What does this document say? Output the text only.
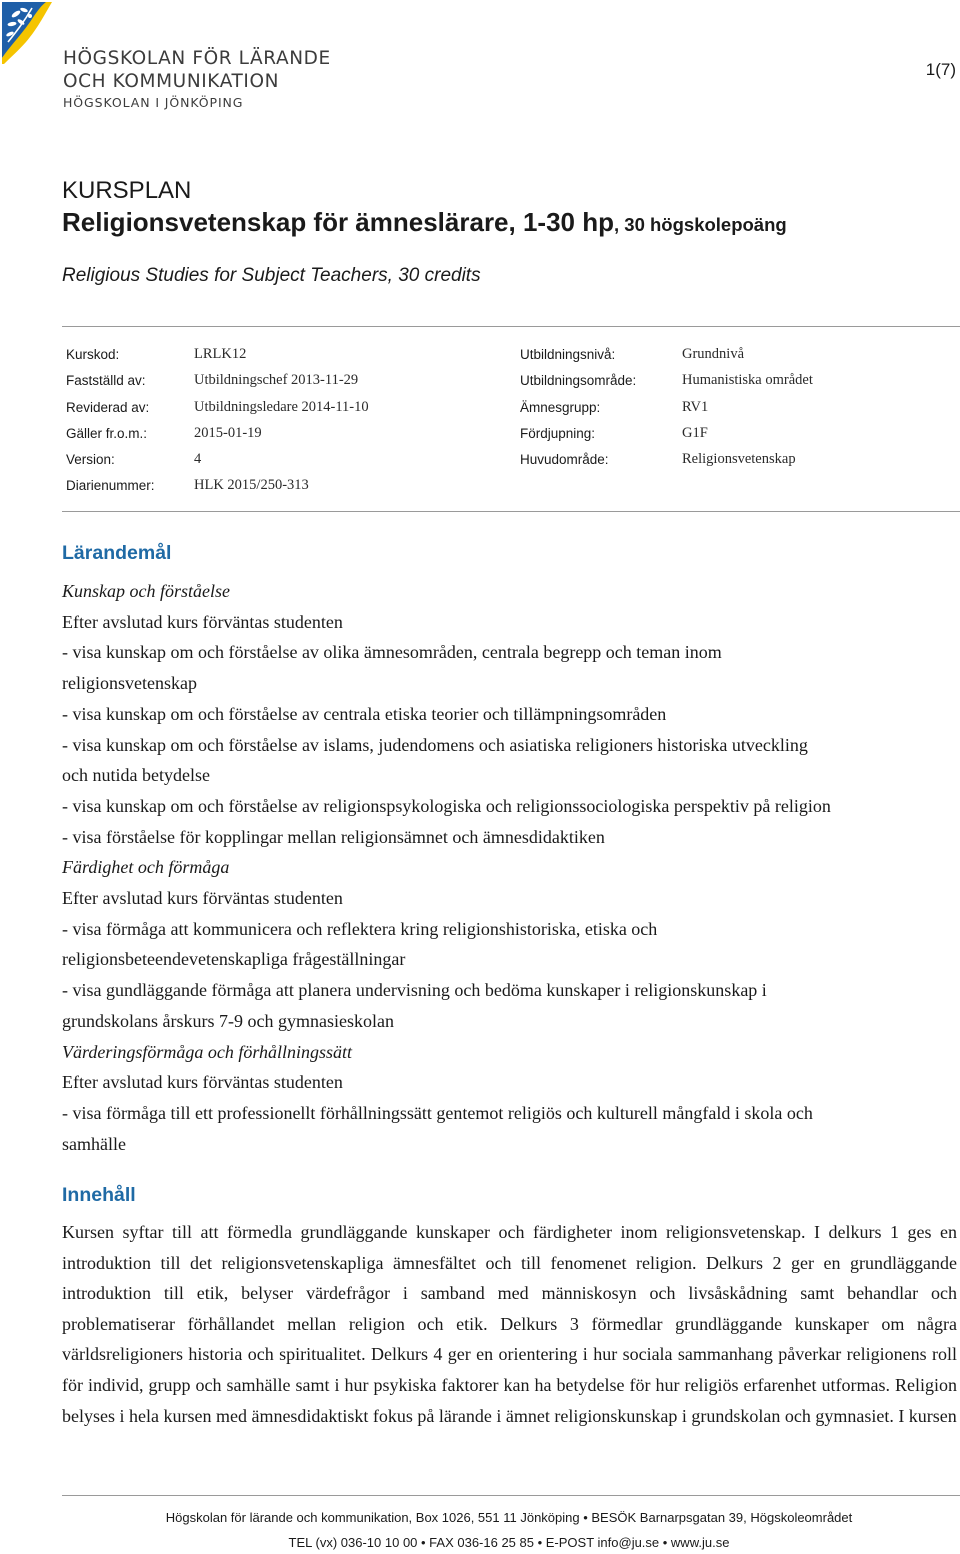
HÖGSKOLAN FÖR LÄRANDE
OCH KOMMUNIKATION
HÖGSKOLAN I JÖNKÖPING
1(7)
KURSPLAN
Religionsvetenskap för ämneslärare, 1-30 hp, 30 högskolepoäng
Religious Studies for Subject Teachers, 30 credits
Kurskod:	LRLK12
Fastställd av:	Utbildningschef 2013-11-29
Reviderad av:	Utbildningsledare 2014-11-10
Gäller fr.o.m.:	2015-01-19
Version:	4
Diarienummer:	HLK 2015/250-313
Utbildningsnivå:	Grundnivå
Utbildningsområde:	Humanistiska området
Ämnesgrupp:	RV1
Fördjupning:	G1F
Huvudområde:	Religionsvetenskap
Lärandemål
Kunskap och förståelse
Efter avslutad kurs förväntas studenten
- visa kunskap om och förståelse av olika ämnesområden, centrala begrepp och teman inom
religionsvetenskap
- visa kunskap om och förståelse av centrala etiska teorier och tillämpningsområden
- visa kunskap om och förståelse av islams, judendomens och asiatiska religioners historiska utveckling
och nutida betydelse
- visa kunskap om och förståelse av religionspsykologiska och religionssociologiska perspektiv på religion
- visa förståelse för kopplingar mellan religionsämnet och ämnesdidaktiken
Färdighet och förmåga
Efter avslutad kurs förväntas studenten
- visa förmåga att kommunicera och reflektera kring religionshistoriska, etiska och
religionsbeteendevetenskapliga frågeställningar
- visa gundläggande förmåga att planera undervisning och bedöma kunskaper i religionskunskap i
grundskolans årskurs 7-9 och gymnasieskolan
Värderingsförmåga och förhållningssätt
Efter avslutad kurs förväntas studenten
- visa förmåga till ett professionellt förhållningssätt gentemot religiös och kulturell mångfald i skola och
samhälle
Innehåll
Kursen syftar till att förmedla grundläggande kunskaper och färdigheter inom religionsvetenskap. I delkurs 1 ges en introduktion till det religionsvetenskapliga ämnesfältet och till fenomenet religion. Delkurs 2 ger en grundläggande introduktion till etik, belyser värdefrågor i samband med människosyn och livsåskådning samt behandlar och problematiserar förhållandet mellan religion och etik. Delkurs 3 förmedlar grundläggande kunskaper om några världsreligioners historia och spiritualitet. Delkurs 4 ger en orientering i hur sociala sammanhang påverkar religionens roll för individ, grupp och samhälle samt i hur psykiska faktorer kan ha betydelse för hur religiös erfarenhet utformas. Religion belyses i hela kursen med ämnesdidaktiskt fokus på lärande i ämnet religionskunskap i grundskolan och gymnasiet. I kursen
Högskolan för lärande och kommunikation, Box 1026, 551 11 Jönköping • BESÖK Barnarpsgatan 39, Högskoleområdet
TEL (vx) 036-10 10 00 • FAX 036-16 25 85 • E-POST info@ju.se • www.ju.se
